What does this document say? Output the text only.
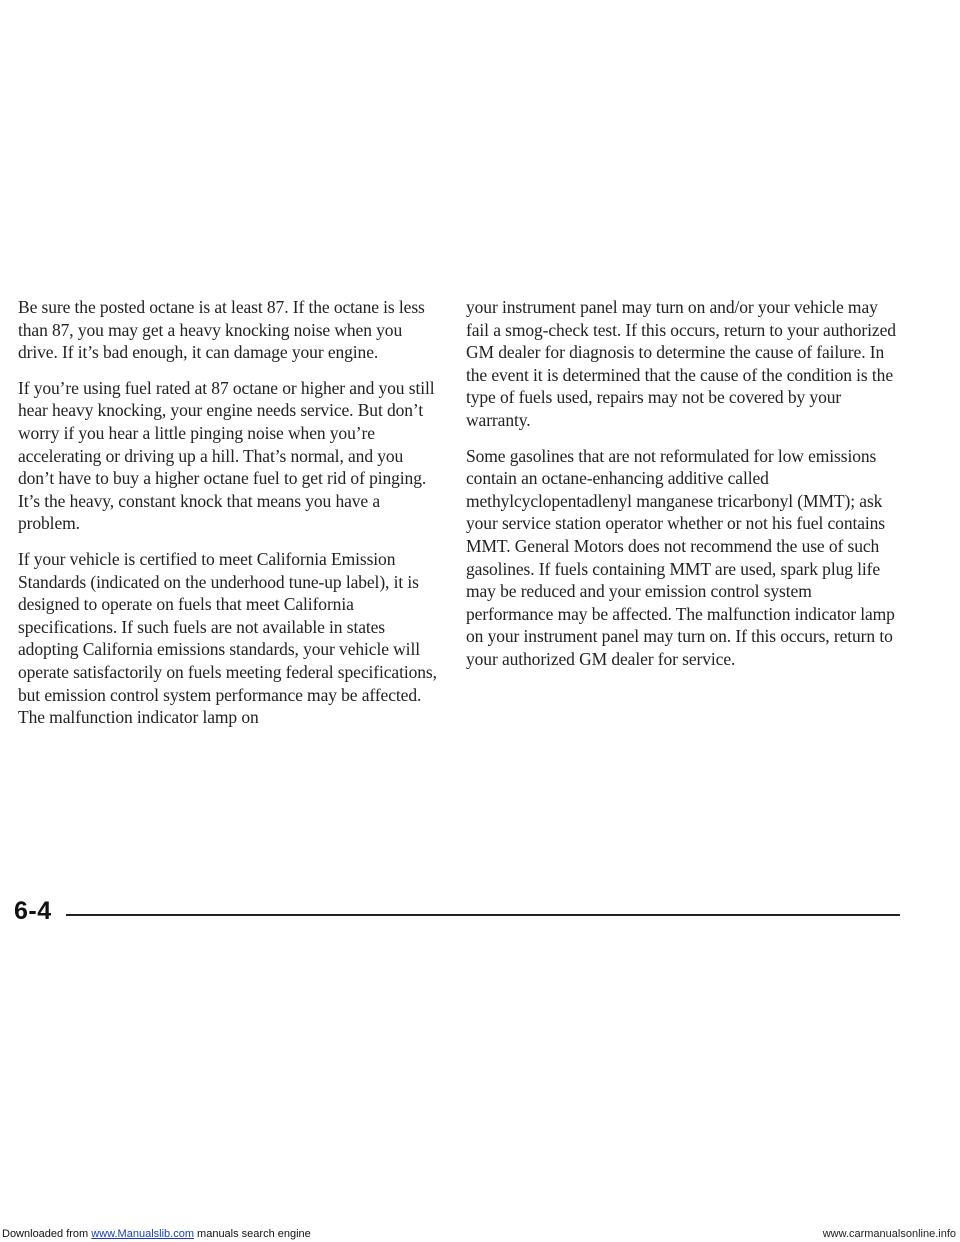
Be sure the posted octane is at least 87. If the octane is less than 87, you may get a heavy knocking noise when you drive. If it’s bad enough, it can damage your engine.

If you’re using fuel rated at 87 octane or higher and you still hear heavy knocking, your engine needs service. But don’t worry if you hear a little pinging noise when you’re accelerating or driving up a hill. That’s normal, and you don’t have to buy a higher octane fuel to get rid of pinging. It’s the heavy, constant knock that means you have a problem.

If your vehicle is certified to meet California Emission Standards (indicated on the underhood tune-up label), it is designed to operate on fuels that meet California specifications. If such fuels are not available in states adopting California emissions standards, your vehicle will operate satisfactorily on fuels meeting federal specifications, but emission control system performance may be affected. The malfunction indicator lamp on

your instrument panel may turn on and/or your vehicle may fail a smog-check test. If this occurs, return to your authorized GM dealer for diagnosis to determine the cause of failure. In the event it is determined that the cause of the condition is the type of fuels used, repairs may not be covered by your warranty.

Some gasolines that are not reformulated for low emissions contain an octane-enhancing additive called methylcyclopentadlenyl manganese tricarbonyl (MMT); ask your service station operator whether or not his fuel contains MMT. General Motors does not recommend the use of such gasolines. If fuels containing MMT are used, spark plug life may be reduced and your emission control system performance may be affected. The malfunction indicator lamp on your instrument panel may turn on. If this occurs, return to your authorized GM dealer for service.

6-4
Downloaded from www.Manualslib.com manuals search engine	www.carmanualsonline.info
